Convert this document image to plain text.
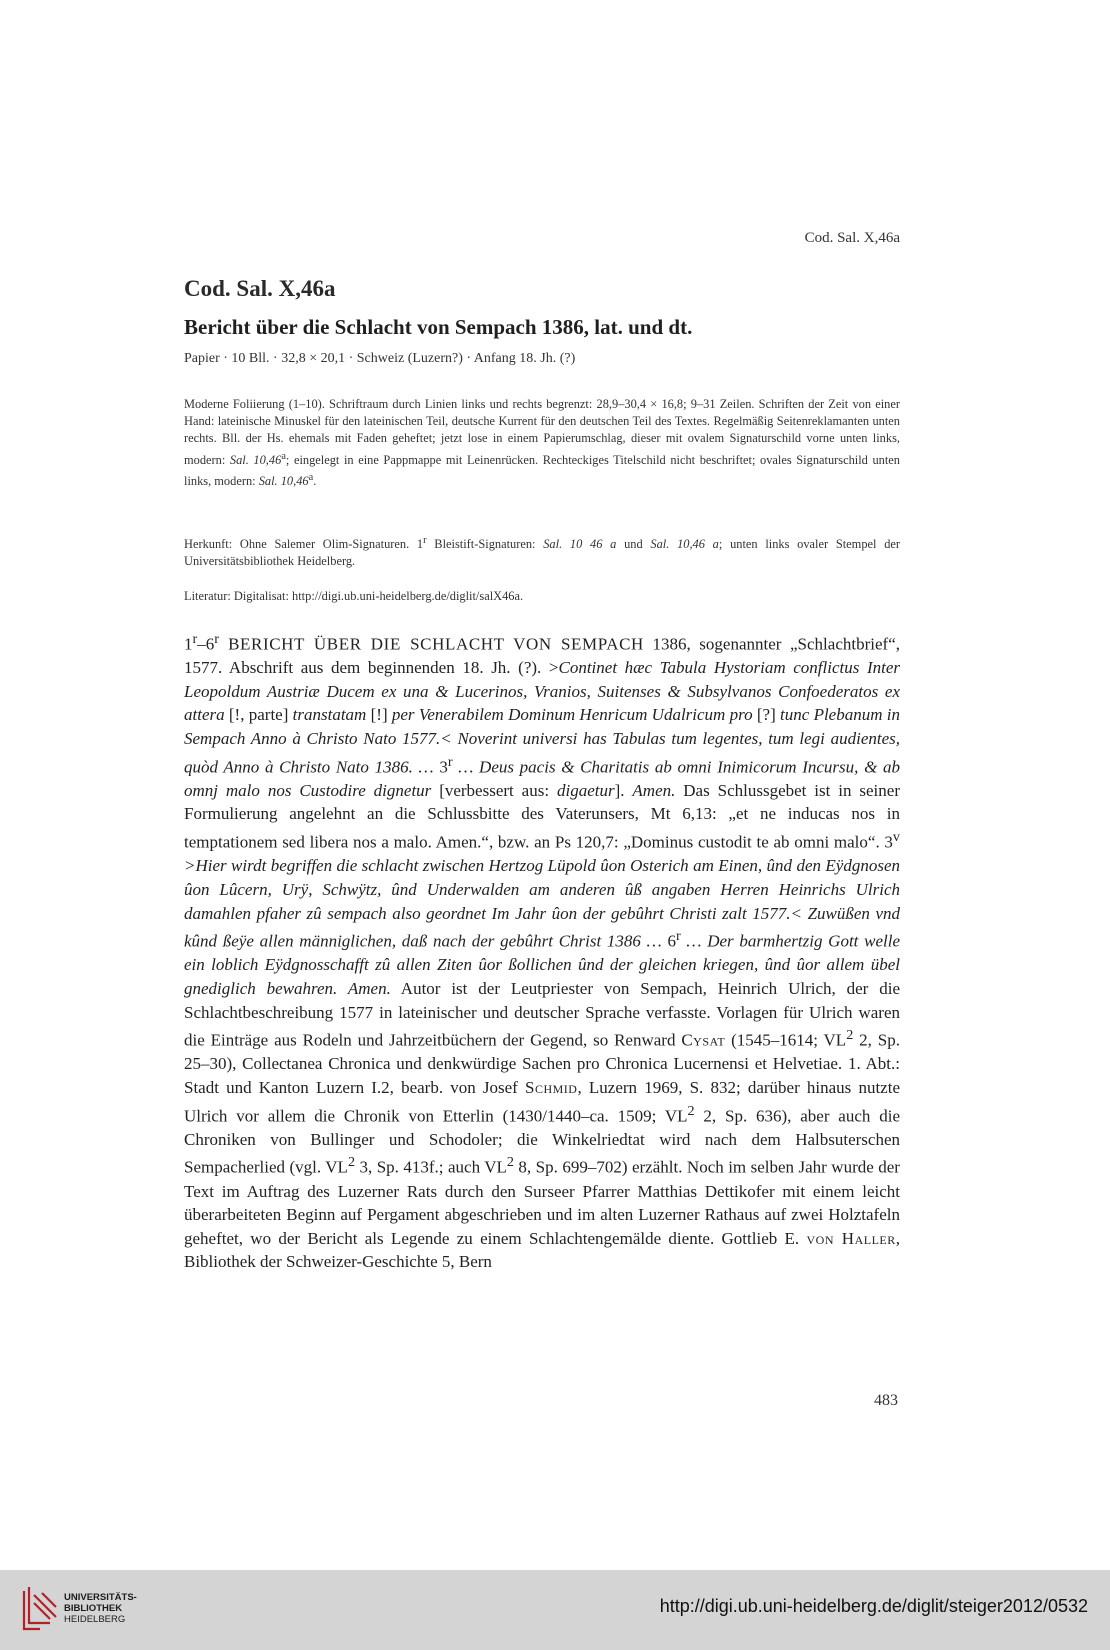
Cod. Sal. X,46a
Cod. Sal. X,46a
Bericht über die Schlacht von Sempach 1386, lat. und dt.
Papier · 10 Bll. · 32,8 × 20,1 · Schweiz (Luzern?) · Anfang 18. Jh. (?)

Moderne Foliierung (1–10). Schriftraum durch Linien links und rechts begrenzt: 28,9–30,4 × 16,8; 9–31 Zeilen. Schriften der Zeit von einer Hand: lateinische Minuskel für den lateinischen Teil, deutsche Kurrent für den deutschen Teil des Textes. Regelmäßig Seitenreklamanten unten rechts. Bll. der Hs. ehemals mit Faden geheftet; jetzt lose in einem Papierumschlag, dieser mit ovalem Signaturschild vorne unten links, modern: Sal. 10,46$^a$; eingelegt in eine Pappmappe mit Leinenrücken. Rechteckiges Titelschild nicht beschriftet; ovales Signaturschild unten links, modern: Sal. 10,46$^a$.

Herkunft: Ohne Salemer Olim-Signaturen. 1$^r$ Bleistift-Signaturen: Sal. 10 46 a und Sal. 10,46 a; unten links ovaler Stempel der Universitätsbibliothek Heidelberg.

Literatur: Digitalisat: http://digi.ub.uni-heidelberg.de/diglit/salX46a.

1$^r$–6$^r$ BERICHT ÜBER DIE SCHLACHT VON SEMPACH 1386, sogenannter „Schlachtbrief“, 1577. Abschrift aus dem beginnenden 18. Jh. (?). >Continet hæc Tabula Hystoriam conflictus Inter Leopoldum Austriæ Ducem ex una & Lucerinos, Vranios, Suitenses & Subsylvanos Confoederatos ex attera [!, parte] transtatam [!] per Venerabilem Dominum Henricum Udalricum pro [?] tunc Plebanum in Sempach Anno à Christo Nato 1577.< Noverint universi has Tabulas tum legentes, tum legi audientes, quòd Anno à Christo Nato 1386. … 3$^r$ … Deus pacis & Charitatis ab omni Inimicorum Incursu, & ab omnj malo nos Custodire dignetur [verbessert aus: digaetur]. Amen. Das Schlussgebet ist in seiner Formulierung angelehnt an die Schlussbitte des Vaterunsers, Mt 6,13: „et ne inducas nos in temptationem sed libera nos a malo. Amen.“, bzw. an Ps 120,7: „Dominus custodit te ab omni malo“. $3^v$ >Hier wirdt begriffen die schlacht zwischen Hertzog Lüpold ûon Osterich am Einen, ûnd den Eÿdgnosen ûon Lûcern, Urÿ, Schwÿtz, ûnd Underwalden am anderen ûß angaben Herren Heinrichs Ulrich damahlen pfaher zû sempach also geordnet Im Jahr ûon der gebûhrt Christi zalt 1577.< Zuwüßen vnd kûnd ßeÿe allen männiglichen, daß nach der gebûhrt Christ 1386 … 6$^r$ … Der barmhertzig Gott welle ein loblich Eÿdgnosschafft zû allen Ziten ûor ßollichen ûnd der gleichen kriegen, ûnd ûor allem übel gnediglich bewahren. Amen. Autor ist der Leutpriester von Sempach, Heinrich Ulrich, der die Schlachtbeschreibung 1577 in lateinischer und deutscher Sprache verfasste. Vorlagen für Ulrich waren die Einträge aus Rodeln und Jahrzeitbüchern der Gegend, so Renward Cysat (1545–1614; $VL^2$ 2, Sp. 25–30), Collectanea Chronica und denkwürdige Sachen pro Chronica Lucernensi et Helvetiae. 1. Abt.: Stadt und Kanton Luzern I.2, bearb. von Josef Schmid, Luzern 1969, S. 832; darüber hinaus nutzte Ulrich vor allem die Chronik von Etterlin (1430/1440–ca. 1509; $VL^2$ 2, Sp. 636), aber auch die Chroniken von Bullinger und Schodoler; die Winkelriedtat wird nach dem Halbsuterschen Sempacherlied (vgl. $VL^2$ 3, Sp. 413f.; auch $VL^2$ 8, Sp. 699–702) erzählt. Noch im selben Jahr wurde der Text im Auftrag des Luzerner Rats durch den Surseer Pfarrer Matthias Dettikofer mit einem leicht überarbeiteten Beginn auf Pergament abgeschrieben und im alten Luzerner Rathaus auf zwei Holztafeln geheftet, wo der Bericht als Legende zu einem Schlachtengemälde diente. Gottlieb E. von Haller, Bibliothek der Schweizer-Geschichte 5, Bern

483
UNIVERSITÄTS-
BIBLIOTHEK
HEIDELBERG
http://digi.ub.uni-heidelberg.de/diglit/steiger2012/0532
